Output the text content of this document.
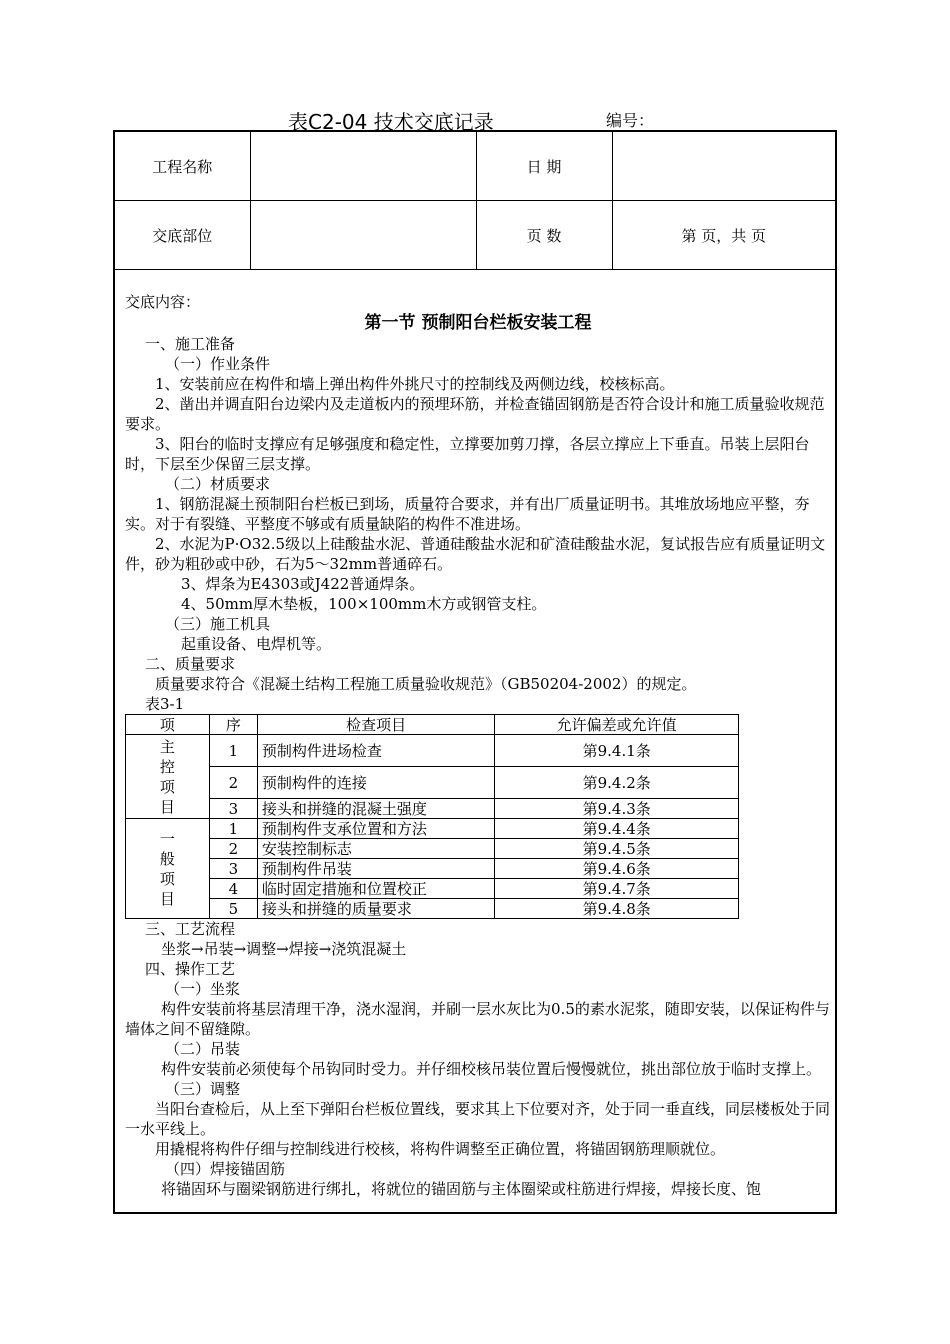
表C2-04 技术交底记录	编号：
工程名称		日 期	
交底部位		页 数	第 页，共 页

交底内容：

第一节 预制阳台栏板安装工程

一、施工准备

（一）作业条件

1、安装前应在构件和墙上弹出构件外挑尺寸的控制线及两侧边线，校核标高。

2、凿出并调直阳台边梁内及走道板内的预埋环筋，并检查锚固钢筋是否符合设计和施工质量验收规范要求。

3、阳台的临时支撑应有足够强度和稳定性，立撑要加剪刀撑，各层立撑应上下垂直。吊装上层阳台时，下层至少保留三层支撑。

（二）材质要求

1、钢筋混凝土预制阳台栏板已到场，质量符合要求，并有出厂质量证明书。其堆放场地应平整，夯实。对于有裂缝、平整度不够或有质量缺陷的构件不准进场。

2、水泥为P·O32.5级以上硅酸盐水泥、普通硅酸盐水泥和矿渣硅酸盐水泥，复试报告应有质量证明文件，砂为粗砂或中砂，石为5～32mm普通碎石。

3、焊条为E4303或J422普通焊条。

4、50mm厚木垫板，100×100mm木方或钢管支柱。

（三）施工机具

起重设备、电焊机等。

二、质量要求

质量要求符合《混凝土结构工程施工质量验收规范》（GB50204-2002）的规定。

表3-1

项	序	检查项目	允许偏差或允许值

主控项目	1	预制构件进场检查	第9.4.1条
	2	预制构件的连接	第9.4.2条
	3	接头和拼缝的混凝土强度	第9.4.3条

一般项目	1	预制构件支承位置和方法	第9.4.4条
	2	安装控制标志	第9.4.5条
	3	预制构件吊装	第9.4.6条
	4	临时固定措施和位置校正	第9.4.7条
	5	接头和拼缝的质量要求	第9.4.8条

三、工艺流程

坐浆→吊装→调整→焊接→浇筑混凝土

四、操作工艺

（一）坐浆

构件安装前将基层清理干净，浇水湿润，并刷一层水灰比为0.5的素水泥浆，随即安装，以保证构件与墙体之间不留缝隙。

（二）吊装

构件安装前必须使每个吊钩同时受力。并仔细校核吊装位置后慢慢就位，挑出部位放于临时支撑上。

（三）调整

当阳台查检后，从上至下弹阳台栏板位置线，要求其上下位要对齐，处于同一垂直线，同层楼板处于同一水平线上。

用撬棍将构件仔细与控制线进行校核，将构件调整至正确位置，将锚固钢筋理顺就位。

（四）焊接锚固筋

将锚固环与圈梁钢筋进行绑扎，将就位的锚固筋与主体圈梁或柱筋进行焊接，焊接长度、饱
